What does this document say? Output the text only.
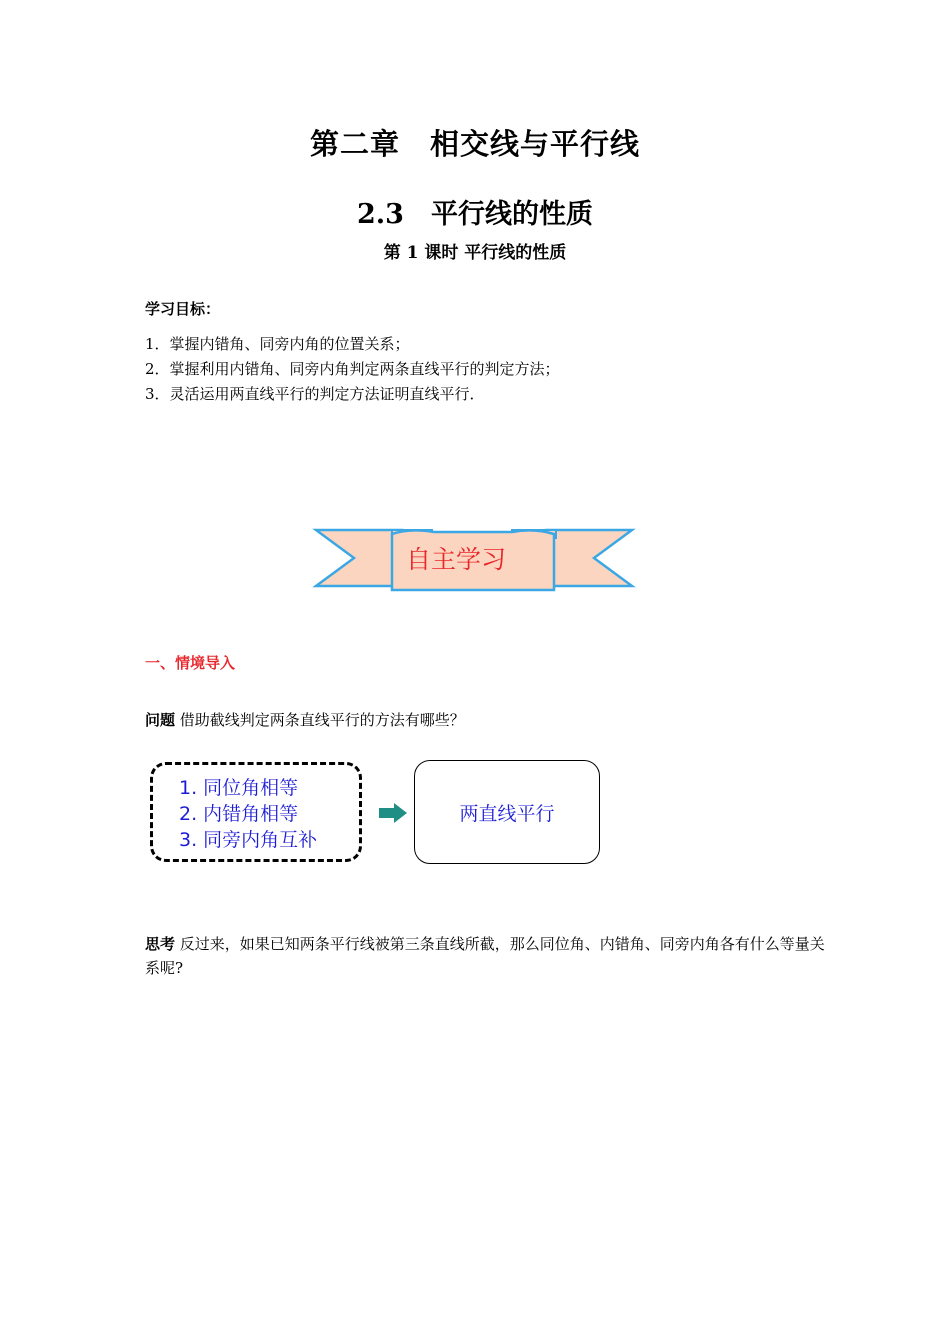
第二章　相交线与平行线
2.3　平行线的性质
第 1 课时 平行线的性质
学习目标：
1．掌握内错角、同旁内角的位置关系；
2．掌握利用内错角、同旁内角判定两条直线平行的判定方法；
3．灵活运用两直线平行的判定方法证明直线平行．
自主学习
一、情境导入
问题 借助截线判定两条直线平行的方法有哪些？
1. 同位角相等
2. 内错角相等
3. 同旁内角互补
两直线平行
思考 反过来，如果已知两条平行线被第三条直线所截，那么同位角、内错角、同旁内角各有什么等量关系呢?
